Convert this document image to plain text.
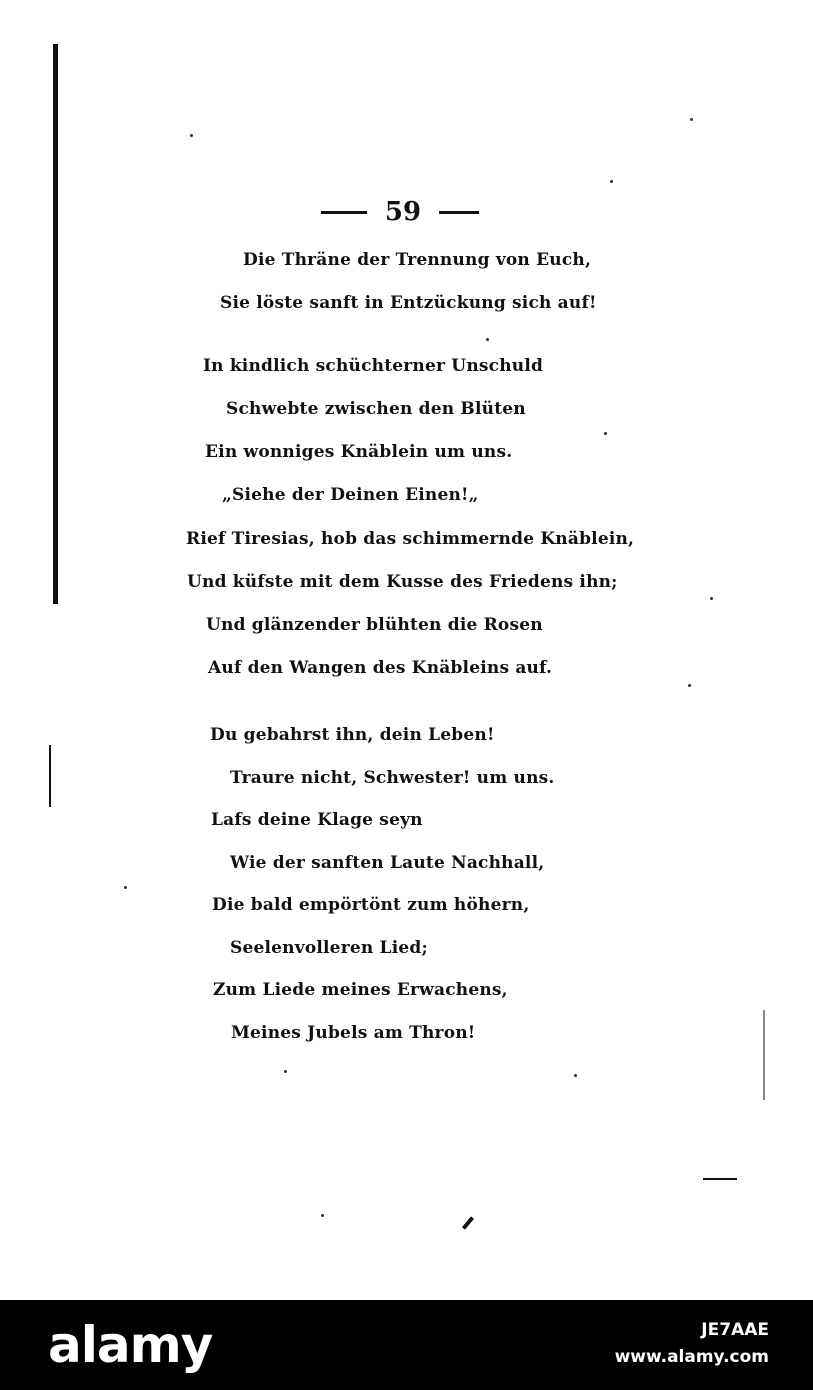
59
Die Thräne der Trennung von Euch,
Sie löste sanft in Entzückung sich auf!
In kindlich schüchterner Unschuld
Schwebte zwischen den Blüten
Ein wonniges Knäblein um uns.
„Siehe der Deinen Einen!„
Rief Tiresias, hob das schimmernde Knäblein,
Und küfste mit dem Kusse des Friedens ihn;
Und glänzender blühten die Rosen
Auf den Wangen des Knäbleins auf.
Du gebahrst ihn, dein Leben!
Traure nicht, Schwester! um uns.
Lafs deine Klage seyn
Wie der sanften Laute Nachhall,
Die bald empörtönt zum höhern,
Seelenvolleren Lied;
Zum Liede meines Erwachens,
Meines Jubels am Thron!
alamy	JE7AAE
www.alamy.com
